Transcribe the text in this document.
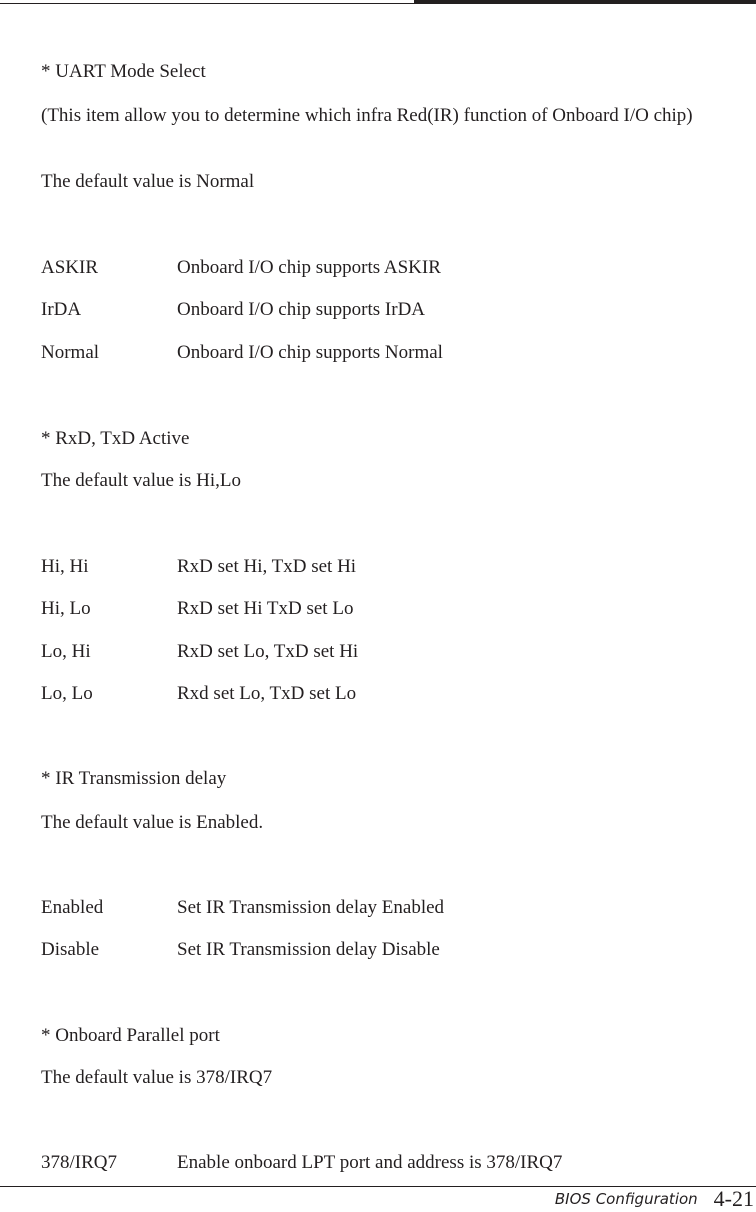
* UART Mode Select
(This item allow you to determine which infra Red(IR) function of Onboard I/O chip)
The default value is Normal
ASKIR	Onboard I/O chip supports ASKIR
IrDA	Onboard I/O chip supports IrDA
Normal	Onboard I/O chip supports Normal
* RxD, TxD Active
The default value is Hi,Lo
Hi, Hi	RxD set Hi, TxD set Hi
Hi, Lo	RxD set Hi TxD set Lo
Lo, Hi	RxD set Lo, TxD set Hi
Lo, Lo	Rxd set Lo, TxD set Lo
* IR Transmission delay
The default value is Enabled.
Enabled	Set IR Transmission delay Enabled
Disable	Set IR Transmission delay Disable
* Onboard Parallel port
The default value is 378/IRQ7
378/IRQ7	Enable onboard LPT port and address is 378/IRQ7
BIOS Configuration 4-21
